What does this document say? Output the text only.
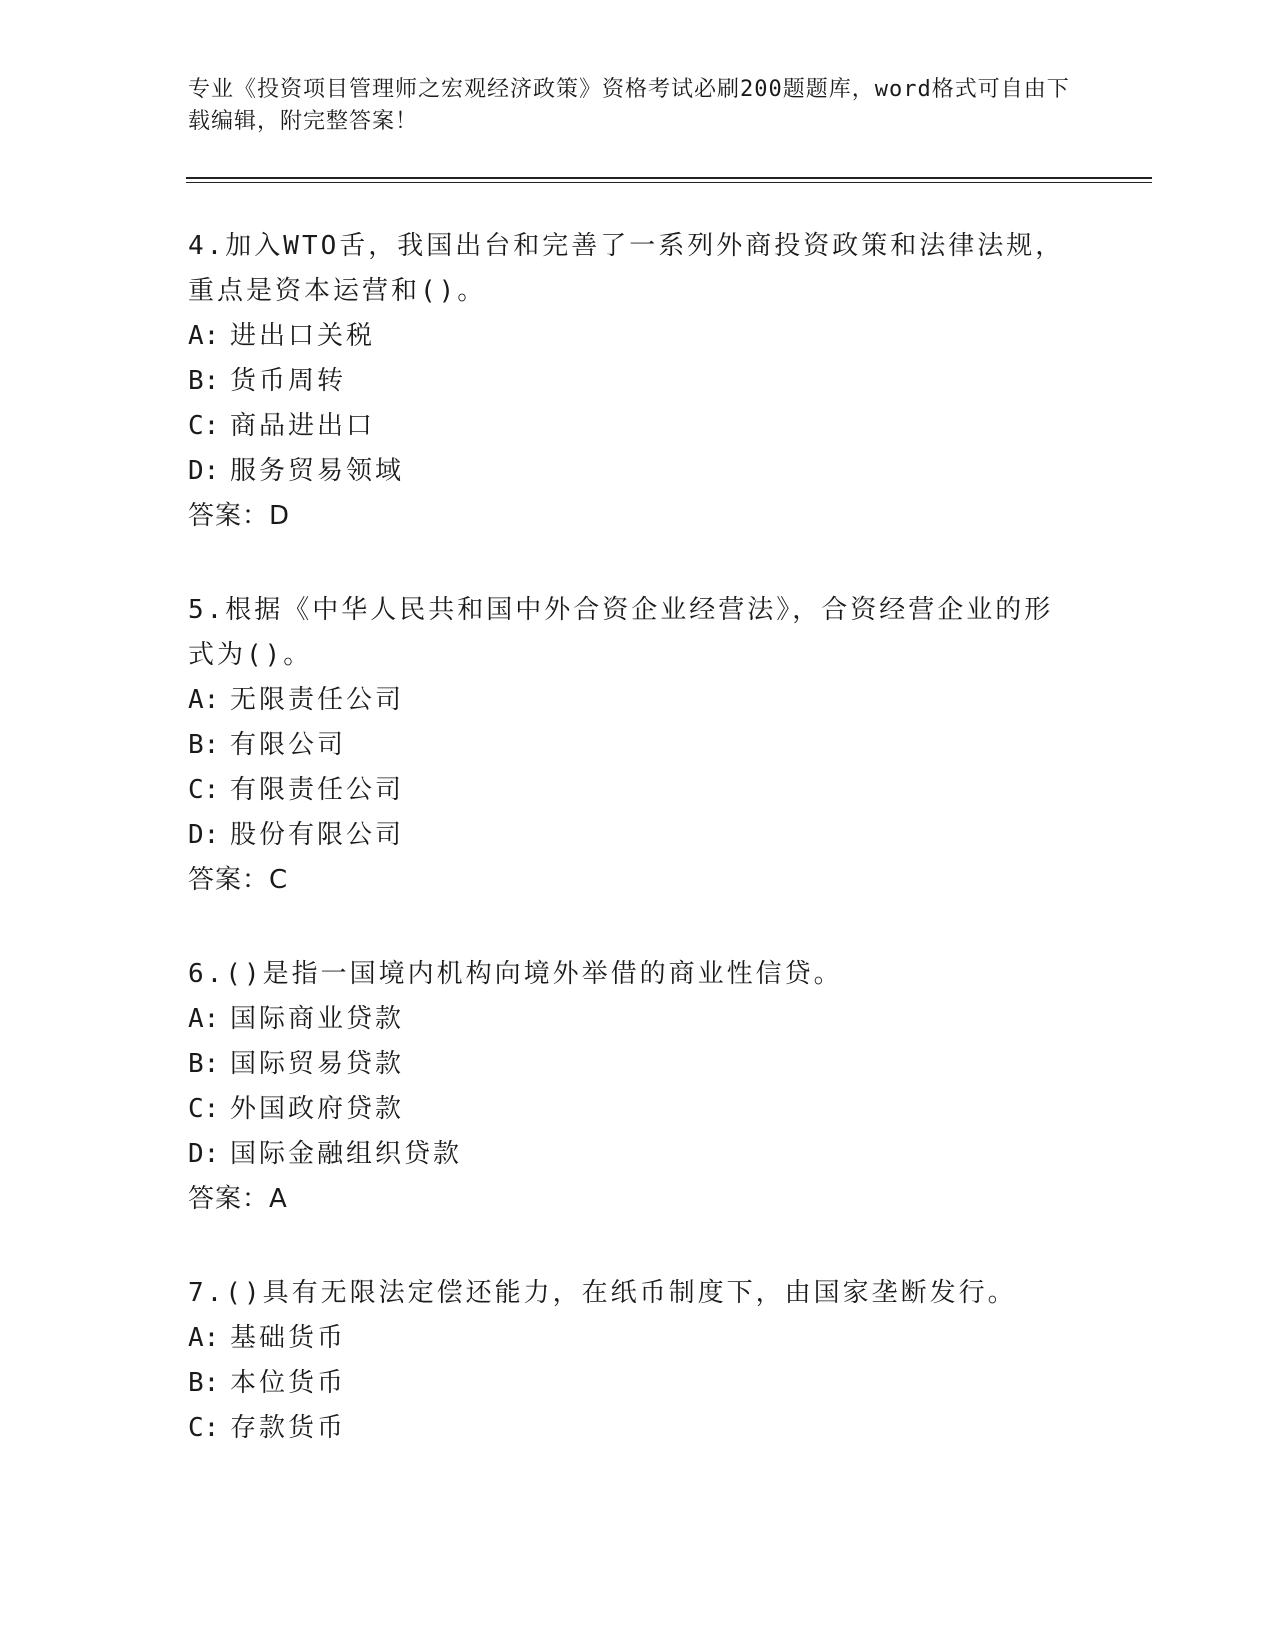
专业《投资项目管理师之宏观经济政策》资格考试必刷200题题库，word格式可自由下载编辑，附完整答案！

4.加入WTO舌，我国出台和完善了一系列外商投资政策和法律法规，重点是资本运营和()。

A: 进出口关税

B: 货币周转

C: 商品进出口

D: 服务贸易领域

答案：D

5.根据《中华人民共和国中外合资企业经营法》，合资经营企业的形式为()。

A: 无限责任公司

B: 有限公司

C: 有限责任公司

D: 股份有限公司

答案：C

6.()是指一国境内机构向境外举借的商业性信贷。

A: 国际商业贷款

B: 国际贸易贷款

C: 外国政府贷款

D: 国际金融组织贷款

答案：A

7.()具有无限法定偿还能力，在纸币制度下，由国家垄断发行。

A: 基础货币

B: 本位货币

C: 存款货币
